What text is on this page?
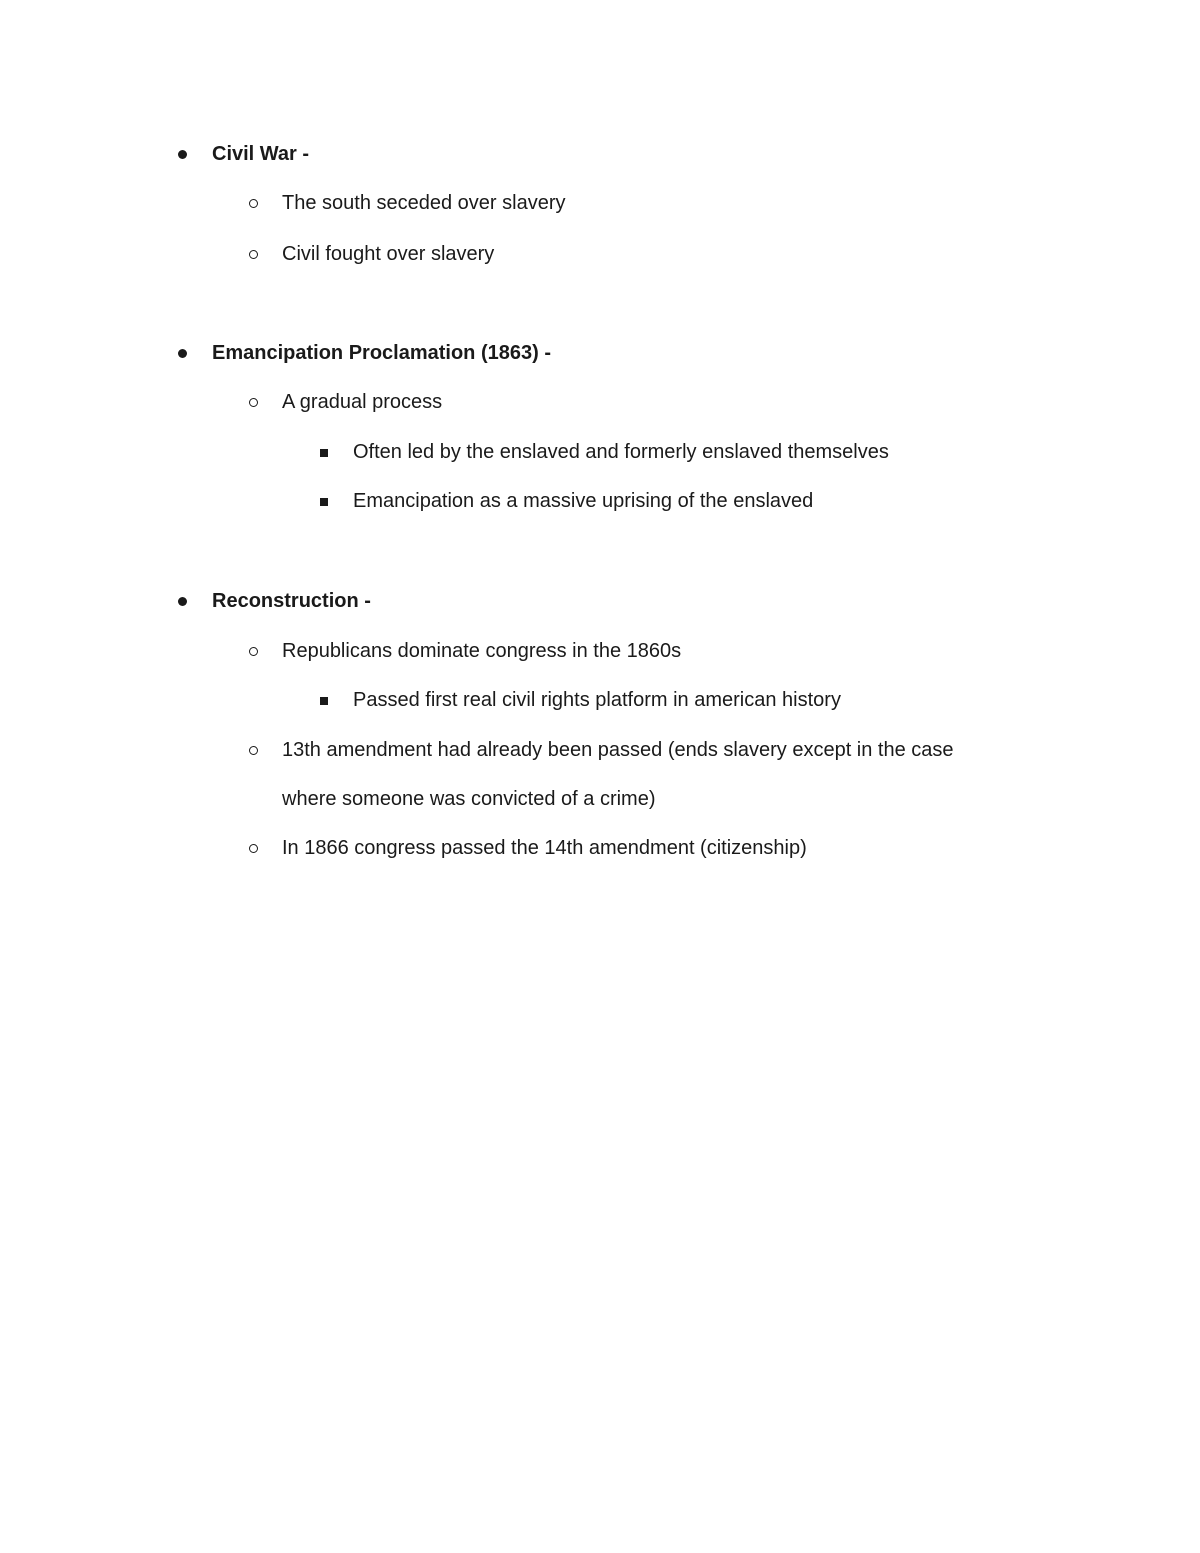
Civil War -
The south seceded over slavery
Civil fought over slavery
Emancipation Proclamation (1863) -
A gradual process
Often led by the enslaved and formerly enslaved themselves
Emancipation as a massive uprising of the enslaved
Reconstruction -
Republicans dominate congress in the 1860s
Passed first real civil rights platform in american history
13th amendment had already been passed (ends slavery except in the case
where someone was convicted of a crime)
In 1866 congress passed the 14th amendment (citizenship)
